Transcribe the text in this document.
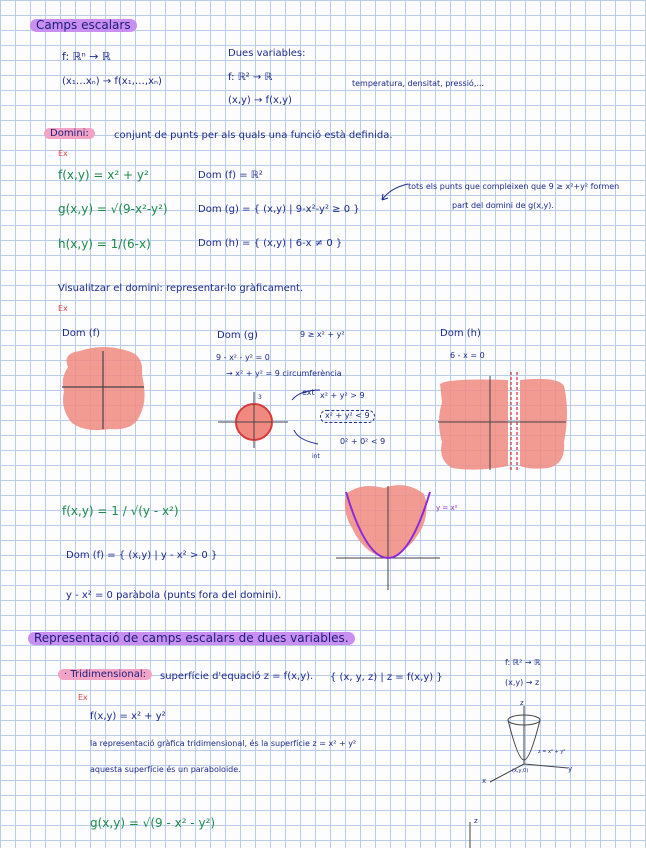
Camps escalars
f: ℝⁿ → ℝ
(x₁…xₙ) → f(x₁,…,xₙ)
Dues variables:
f: ℝ² → ℝ
(x,y) → f(x,y)
temperatura, densitat, pressió,...
Domini:	conjunt de punts per als quals una funció està definida.
Ex
f(x,y) = x² + y²	Dom (f) = ℝ²
g(x,y) = √(9-x²-y²)	Dom (g) = { (x,y) | 9-x²-y² ≥ 0 }
h(x,y) = 1/(6-x)	Dom (h) = { (x,y) | 6-x ≠ 0 }
tots els punts que compleixen que 9 ≥ x²+y² formen
part del domini de g(x,y).
Visualitzar el domini: representar-lo gràficament.
Ex
Dom (f)	Dom (g)	9 ≥ x² + y²
9 - x² - y² = 0
→ x² + y² = 9 circumferència
Dom (h)
6 - x = 0
3
ext x² + y² > 9
x² + y² < 9
0² + 0² < 9
int
f(x,y) = 1 / √(y - x²)
Dom (f) = { (x,y) | y - x² > 0 }
y - x² = 0 paràbola (punts fora del domini).
y = x²
Representació de camps escalars de dues variables.
· Tridimensional:	superfície d'equació z = f(x,y). { (x, y, z) | z = f(x,y) }
f: ℝ² → ℝ
(x,y) → z
Ex
f(x,y) = x² + y²
la representació gràfica tridimensional, és la superfície z = x² + y²
aquesta superfície és un paraboloide.
z
y
x
z = x² + y²
(x,y,0)
g(x,y) = √(9 - x² - y²)	z
